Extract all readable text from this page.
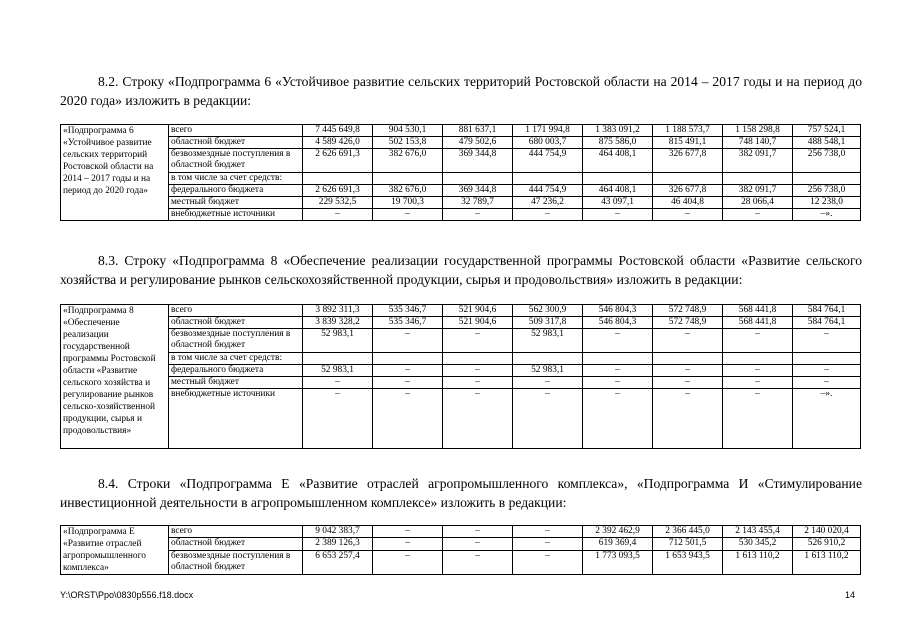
8.2. Строку «Подпрограмма 6 «Устойчивое развитие сельских территорий Ростовской области на 2014 – 2017 годы и на период до 2020 года» изложить в редакции:

«Подпрограмма 6 «Устойчивое развитие сельских территорий Ростовской области на 2014 – 2017 годы и на период до 2020 года»	всего	7 445 649,8	904 530,1	881 637,1	1 171 994,8	1 383 091,2	1 188 573,7	1 158 298,8	757 524,1
	областной бюджет	4 589 426,0	502 153,8	479 502,6	680 003,7	875 586,0	815 491,1	748 140,7	488 548,1
	безвозмездные поступления в областной бюджет	2 626 691,3	382 676,0	369 344,8	444 754,9	464 408,1	326 677,8	382 091,7	256 738,0
	в том числе за счет средств:								
	федерального бюджета	2 626 691,3	382 676,0	369 344,8	444 754,9	464 408,1	326 677,8	382 091,7	256 738,0
	местный бюджет	229 532,5	19 700,3	32 789,7	47 236,2	43 097,1	46 404,8	28 066,4	12 238,0
	внебюджетные источники	–	–	–	–	–	–	–	–».

8.3. Строку «Подпрограмма 8 «Обеспечение реализации государственной программы Ростовской области «Развитие сельского хозяйства и регулирование рынков сельскохозяйственной продукции, сырья и продовольствия» изложить в редакции:

«Подпрограмма 8 «Обеспечение реализации государственной программы Ростовской области «Развитие сельского хозяйства и регулирование рынков сельско-хозяйственной продукции, сырья и продовольствия»	всего	3 892 311,3	535 346,7	521 904,6	562 300,9	546 804,3	572 748,9	568 441,8	584 764,1
	областной бюджет	3 839 328,2	535 346,7	521 904,6	509 317,8	546 804,3	572 748,9	568 441,8	584 764,1
	безвозмездные поступления в областной бюджет	52 983,1	–	–	52 983,1	–	–	–	–
	в том числе за счет средств:								
	федерального бюджета	52 983,1	–	–	52 983,1	–	–	–	–
	местный бюджет	–	–	–	–	–	–	–	–
	внебюджетные источники	–	–	–	–	–	–	–	–».

8.4. Строки «Подпрограмма Е «Развитие отраслей агропромышленного комплекса», «Подпрограмма И «Стимулирование инвестиционной деятельности в агропромышленном комплексе» изложить в редакции:

«Подпрограмма Е «Развитие отраслей агропромышленного комплекса»	всего	9 042 383,7	–	–	–	2 392 462,9	2 366 445,0	2 143 455,4	2 140 020,4
	областной бюджет	2 389 126,3	–	–	–	619 369,4	712 501,5	530 345,2	526 910,2
	безвозмездные поступления в областной бюджет	6 653 257,4	–	–	–	1 773 093,5	1 653 943,5	1 613 110,2	1 613 110,2
Y:\ORST\Ppo\0830p556.f18.docx	14
